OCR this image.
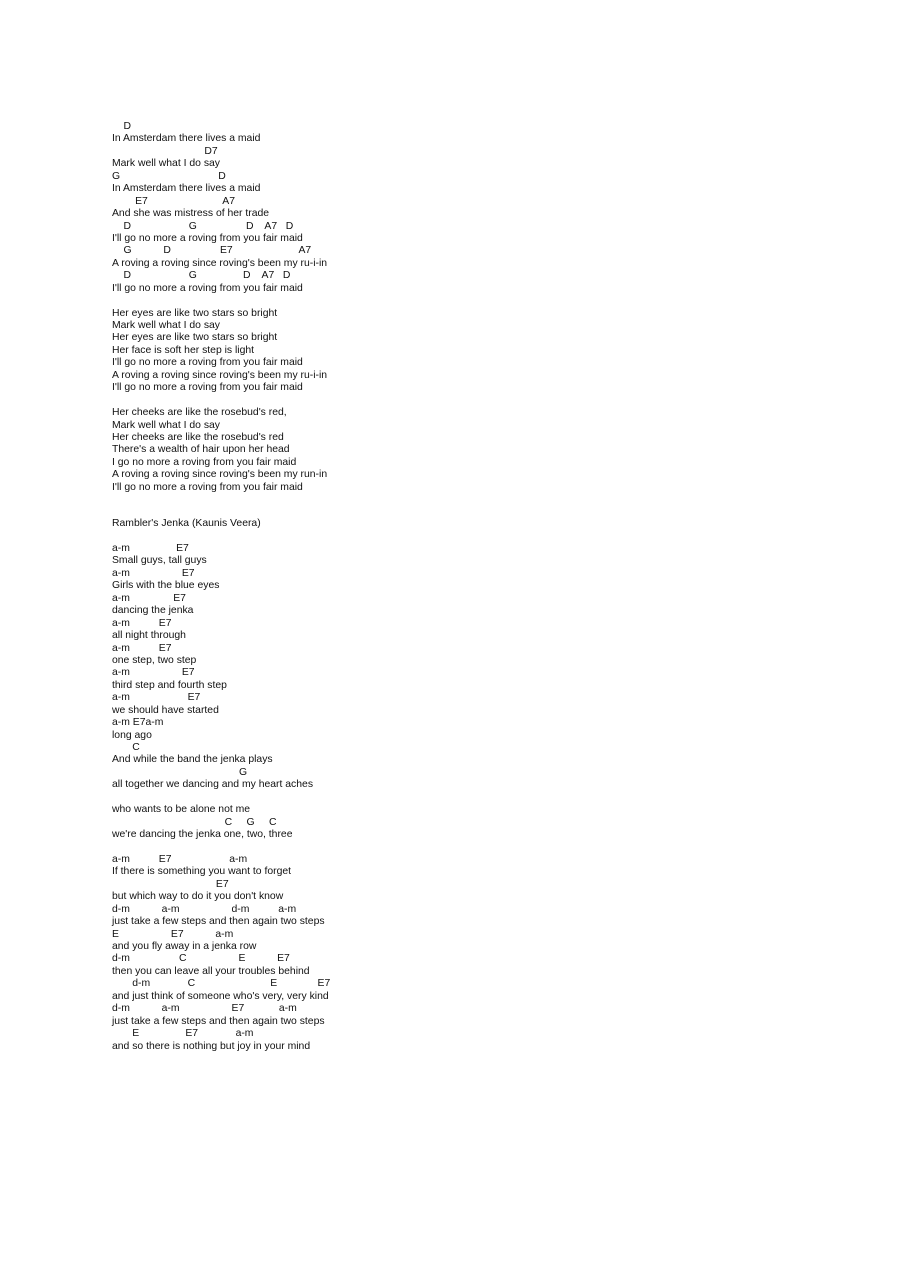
D
In Amsterdam there lives a maid
D7
Mark well what I do say
G                                  D
In Amsterdam there lives a maid
E7                          A7
And she was mistress of her trade
D                    G                 D    A7   D
I'll go no more a roving from you fair maid
G           D                 E7                       A7
A roving a roving since roving's been my ru-i-in
D                    G                D    A7   D
I'll go no more a roving from you fair maid
Her eyes are like two stars so bright
Mark well what I do say
Her eyes are like two stars so bright
Her face is soft her step is light
I'll go no more a roving from you fair maid
A roving a roving since roving's been my ru-i-in
I'll go no more a roving from you fair maid
Her cheeks are like the rosebud's red,
Mark well what I do say
Her cheeks are like the rosebud's red
There's a wealth of hair upon her head
I go no more a roving from you fair maid
A roving a roving since roving's been my run-in
I'll go no more a roving from you fair maid
Rambler's Jenka (Kaunis Veera)
a-m                E7
Small guys, tall guys
a-m                  E7
Girls with the blue eyes
a-m               E7
dancing the jenka
a-m          E7
all night through
a-m          E7
one step, two step
a-m                  E7
third step and fourth step
a-m                    E7
we should have started
a-m E7a-m
long ago
C
And while the band the jenka plays
G
all together we dancing and my heart aches
who wants to be alone not me
C     G     C
we're dancing the jenka one, two, three
a-m          E7                    a-m
If there is something you want to forget
E7
but which way to do it you don't know
d-m           a-m                  d-m          a-m
just take a few steps and then again two steps
E                  E7           a-m
and you fly away in a jenka row
d-m                 C                  E           E7
then you can leave all your troubles behind
d-m             C                          E              E7
and just think of someone who's very, very kind
d-m           a-m                  E7            a-m
just take a few steps and then again two steps
E                E7             a-m
and so there is nothing but joy in your mind
